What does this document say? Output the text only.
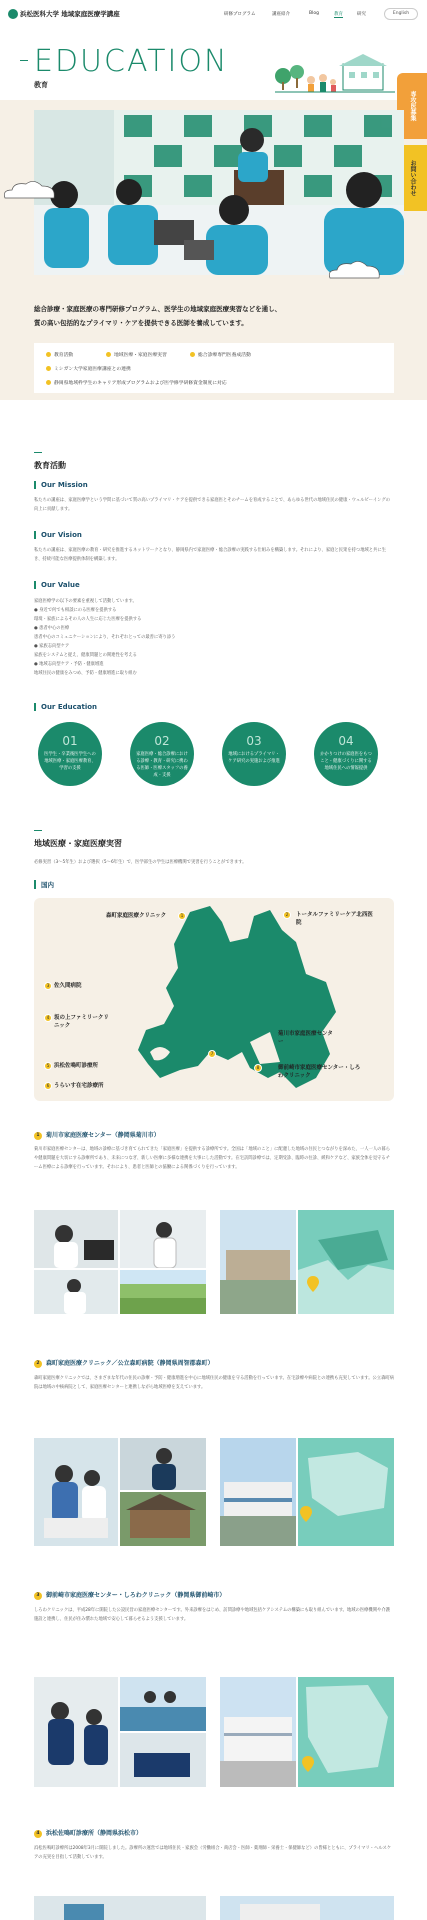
浜松医科大学 地域家庭医療学講座	研修プログラム	講座紹介	Blog	教育	研究	English
EDUCATION
教育
専攻医募集
お問い合わせ
総合診療・家庭医療の専門研修プログラム、医学生の地域家庭医療実習などを通し、
質の高い包括的なプライマリ・ケアを提供できる医師を養成しています。
教育活動	地域医療・家庭医療実習	総合診療専門医養成活動
ミシガン大学家庭医療講座との連携
静岡県地域枠学生のキャリア形成プログラムおよび医学修学研修資金制度に対応
教育活動
Our Mission
私たちの講座は、家庭医療学という学問に基づいて質の高いプライマリ・ケアを提供できる家庭医とそのチームを育成することで、あらゆる世代の地域住民の健康・ウェルビーイングの向上に貢献します。
Our Vision
私たちの講座は、家庭医療の教育・研究を推進するネットワークとなり、静岡県内で家庭医療・総合診療の実践する仕組みを構築します。それにより、家庭と民衆を持つ地域と共に生き、持続可能な医療提供体制を構築します。
Our Value
家庭医療学の以下の要素を重視して活動しています。
● 身近で何でも相談にのる医療を提供する
環境・家族によるその人の人生に応じた医療を提供する
● 患者中心の医療
患者中心のコミュニケーションにより、それぞれとっての最善に寄り添う
● 家族志向型ケア
家族をシステムと捉え、健康問題との関連性を考える
● 地域志向型ケア・予防・健康増進
地域住民の健康をみつめ、予防・健康増進に取り組む
Our Education
01
医学生・卒業後医学生への地域医療・家庭医療教育、学習の支援
02
家庭医療・総合診療における診療・教育・研究に携わる医師・医療スタッフの養成・支援
03
地域におけるプライマリ・ケア研究の実施および推進
04
かかりつけの家庭医をもつこと・健康づくりに関する地域住民への情報提供
地域医療・家庭医療実習
必修実習（3〜5年生）および選択（5〜6年生）で、医学部生の学生は医療機関で実習を行うことができます。
国内
森町家庭医療クリニック	1	トータルファミリーケア北西医院
2
佐久間病院
3
坂の上ファミリークリニック
4
浜松佐鳴町診療所
5
うらいす在宅診療所
6
菊川市家庭医療センター
7
御前崎市家庭医療センター・しろわクリニック
8
1 菊川市家庭医療センター（静岡県菊川市）
菊川市家庭医療センターは、地域の診療に基づき育てられてきた「家庭医療」を提供する診療所です。全国は「地域のこと」に配慮した地域の住民とつながりを深めた、一人一人の暮らや健康問題を大切にする診療所であり、未来につなぎ、新しい医療に多様な連携を大事にした活動です。在宅訪問診療では、定期受診、臨時の往診、緩和ケアなど、家族全体を見守るチーム医療による診療を行っています。それにより、患者と医師との協働による関係づくりを行っています。
2 森町家庭医療クリニック／公立森町病院（静岡県周智郡森町）
森町家庭医療クリニックでは、さまざまな年代の住民の診療・予防・健康増進を中心に地域住民の健康を守る活動を行っています。在宅診療や病院との連携も充実しています。公立森町病院は地域の中核病院として、家庭医療センターと連携しながら地域医療を支えています。
3 御前崎市家庭医療センター・しろわクリニック（静岡県御前崎市）
しろわクリニックは、平成28年に開院した公設民営の家庭医療センターです。外来診療をはじめ、訪問診療や地域包括ケアシステムの構築にも取り組んでいます。地域の医療機関や介護施設と連携し、住民が住み慣れた地域で安心して暮らせるよう支援しています。
4 浜松佐鳴町診療所（静岡県浜松市）
浜松佐鳴町診療所は2008年3月に開院しました。診療所の運営では地域住民・家族会（労働組合・商店会・医師・薬剤師・栄養士・保健師など）の皆様とともに、プライマリ・ヘルスケアの充実を目指して活動しています。
